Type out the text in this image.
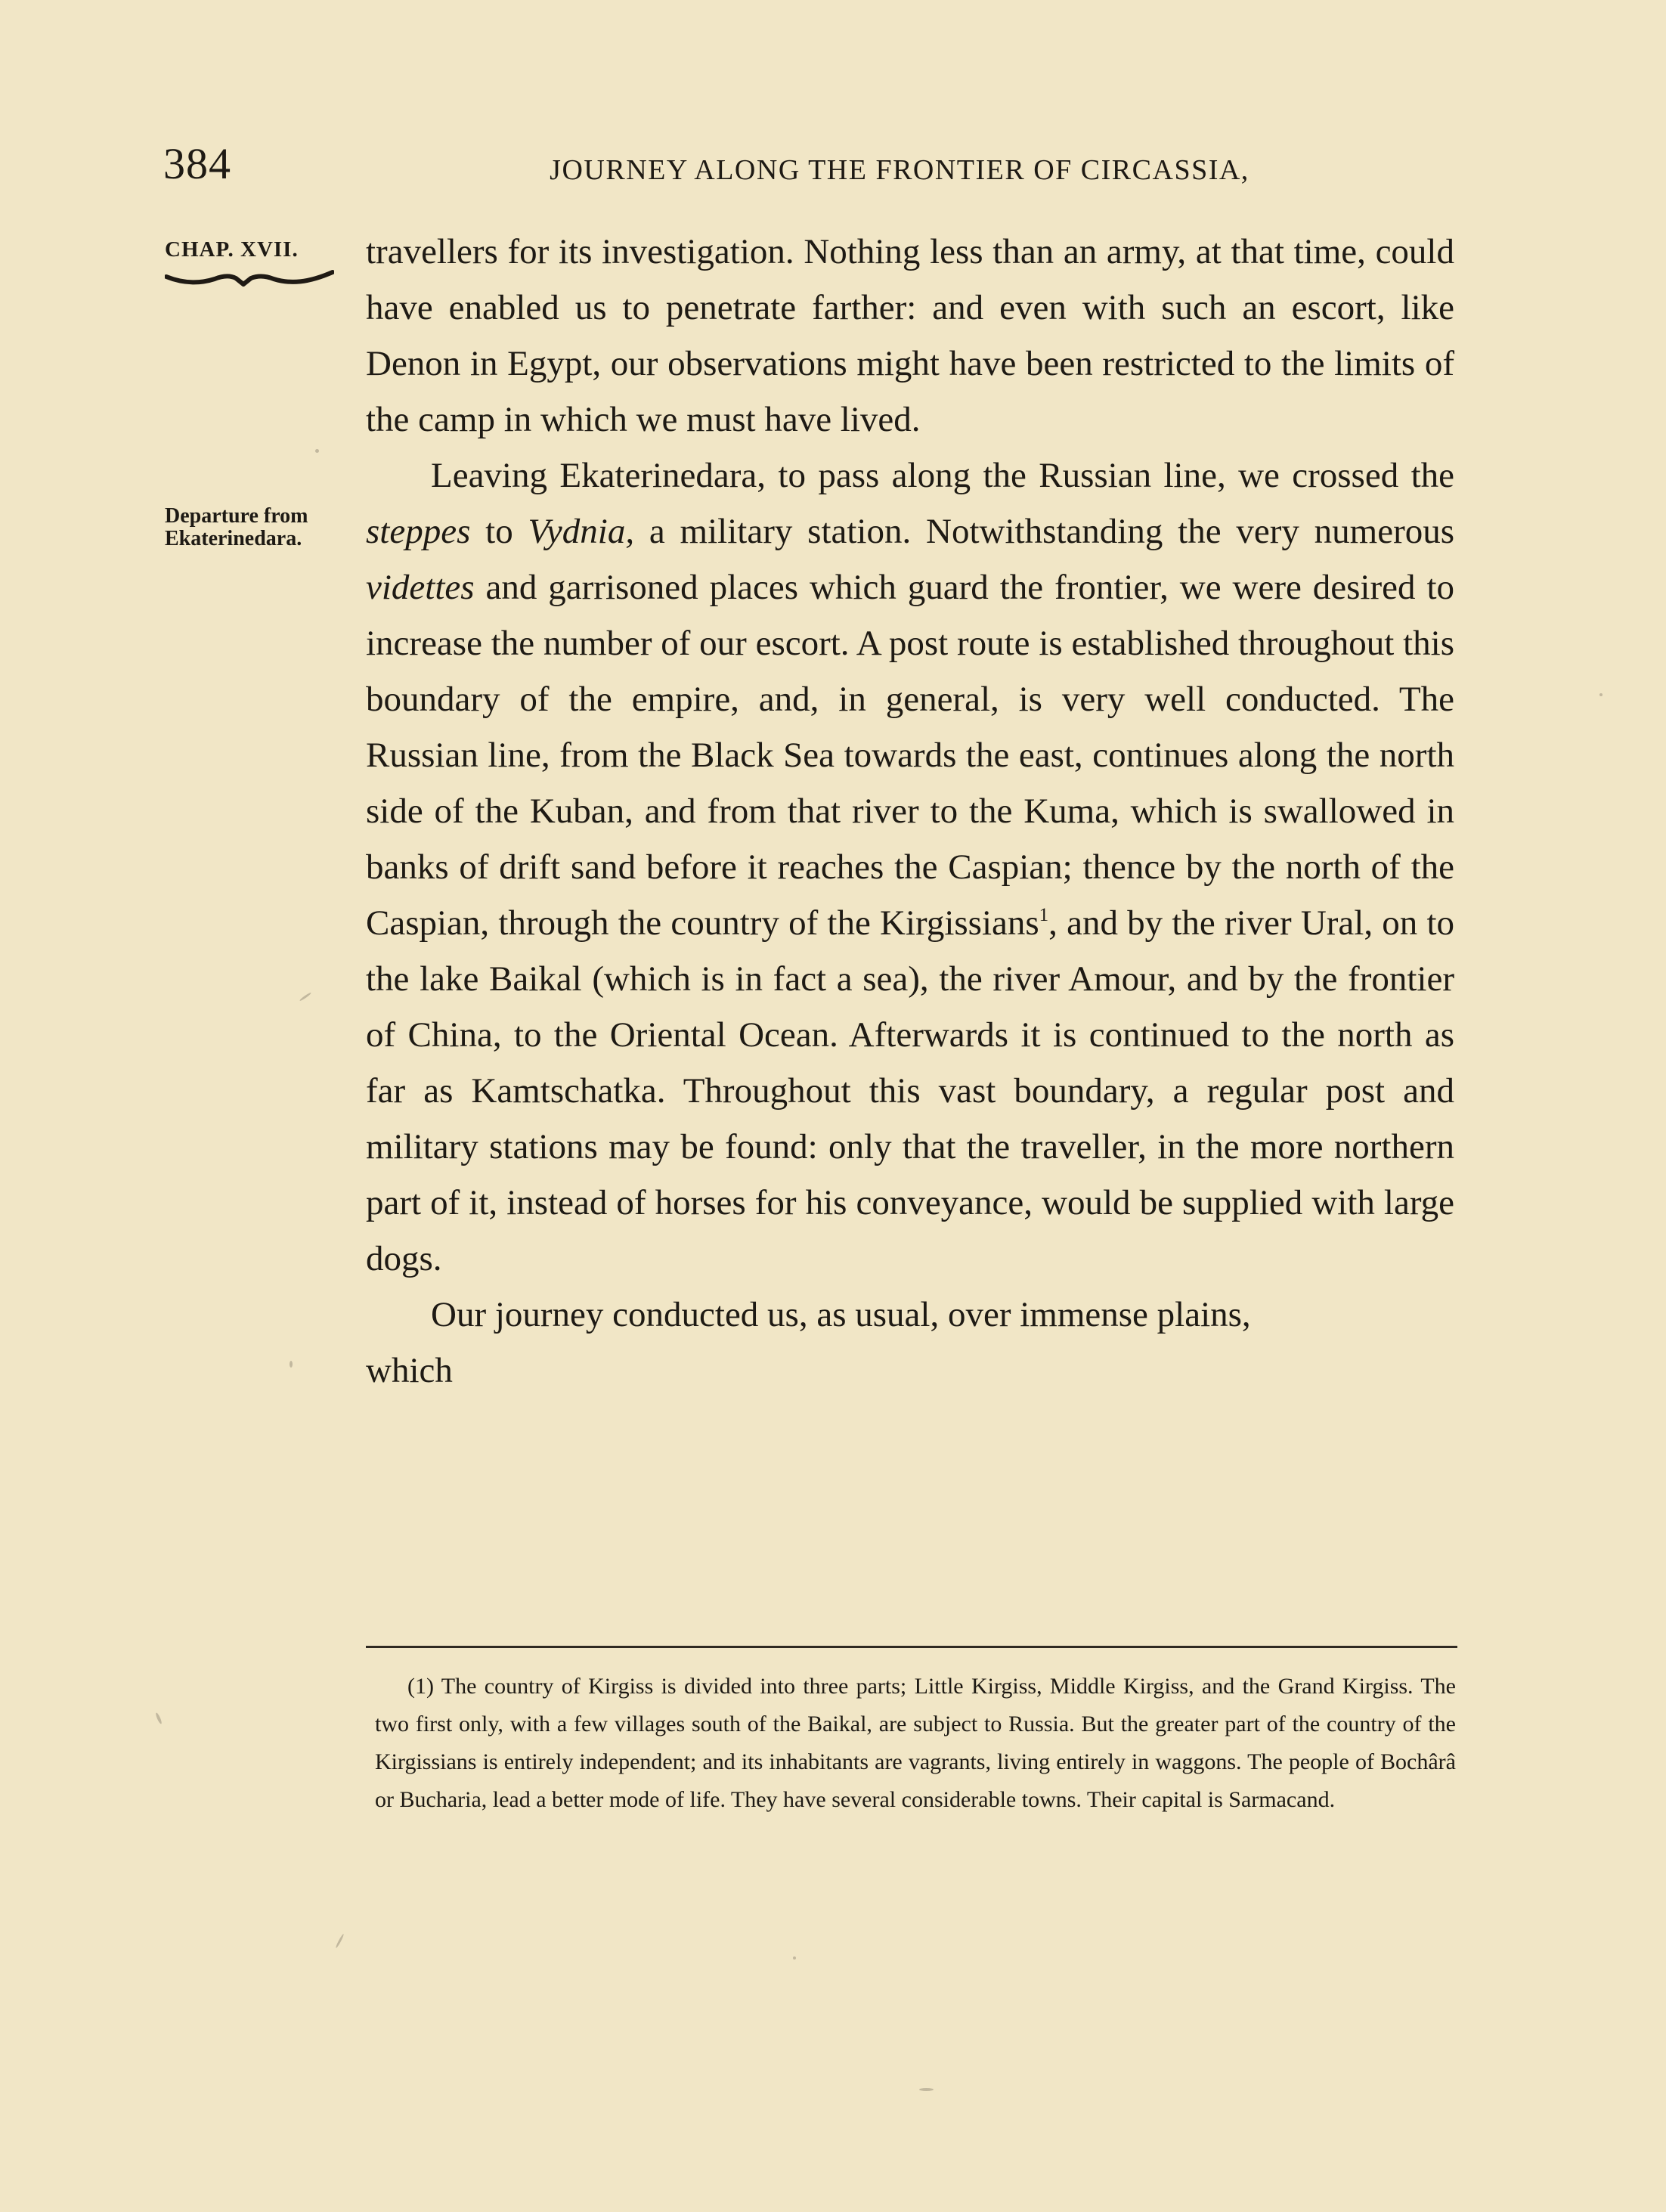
384	JOURNEY ALONG THE FRONTIER OF CIRCASSIA,
CHAP. XVII.
Departure from Ekaterinedara.

travellers for its investigation. Nothing less than an army, at that time, could have enabled us to penetrate farther: and even with such an escort, like Denon in Egypt, our observations might have been restricted to the limits of the camp in which we must have lived.

Leaving Ekaterinedara, to pass along the Russian line, we crossed the steppes to Vydnia, a military station. Notwithstanding the very numerous videttes and garrisoned places which guard the frontier, we were desired to increase the number of our escort. A post route is established throughout this boundary of the empire, and, in general, is very well conducted. The Russian line, from the Black Sea towards the east, continues along the north side of the Kuban, and from that river to the Kuma, which is swallowed in banks of drift sand before it reaches the Caspian; thence by the north of the Caspian, through the country of the Kirgissians$^1$, and by the river Ural, on to the lake Baikal (which is in fact a sea), the river Amour, and by the frontier of China, to the Oriental Ocean. Afterwards it is continued to the north as far as Kamtschatka. Throughout this vast boundary, a regular post and military stations may be found: only that the traveller, in the more northern part of it, instead of horses for his conveyance, would be supplied with large dogs.

Our journey conducted us, as usual, over immense plains,

which

(1) The country of Kirgiss is divided into three parts; Little Kirgiss, Middle Kirgiss, and the Grand Kirgiss. The two first only, with a few villages south of the Baikal, are subject to Russia. But the greater part of the country of the Kirgissians is entirely independent; and its inhabitants are vagrants, living entirely in waggons. The people of Bochârâ or Bucharia, lead a better mode of life. They have several considerable towns. Their capital is Sarmacand.
